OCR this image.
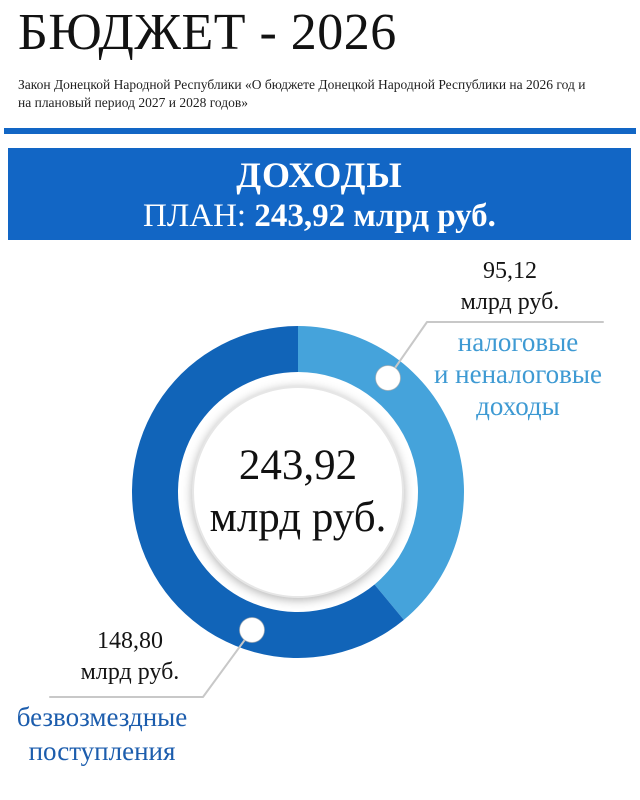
БЮДЖЕТ - 2026
Закон Донецкой Народной Республики «О бюджете Донецкой Народной Республики на 2026 год и
на плановый период 2027 и 2028 годов»
ДОХОДЫ
ПЛАН: 243,92 млрд руб.
243,92
млрд руб.
95,12
млрд руб.
налоговые
и неналоговые
доходы
148,80
млрд руб.
безвозмездные
поступления
